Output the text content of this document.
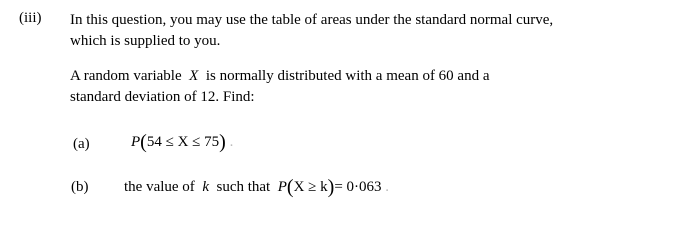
(iii) In this question, you may use the table of areas under the standard normal curve,
which is supplied to you.
A random variable X is normally distributed with a mean of 60 and a
standard deviation of 12. Find:
(a)	P(54 ≤ X ≤ 75) .
(b) the value of k such that P(X ≥ k)= 0·063 .
